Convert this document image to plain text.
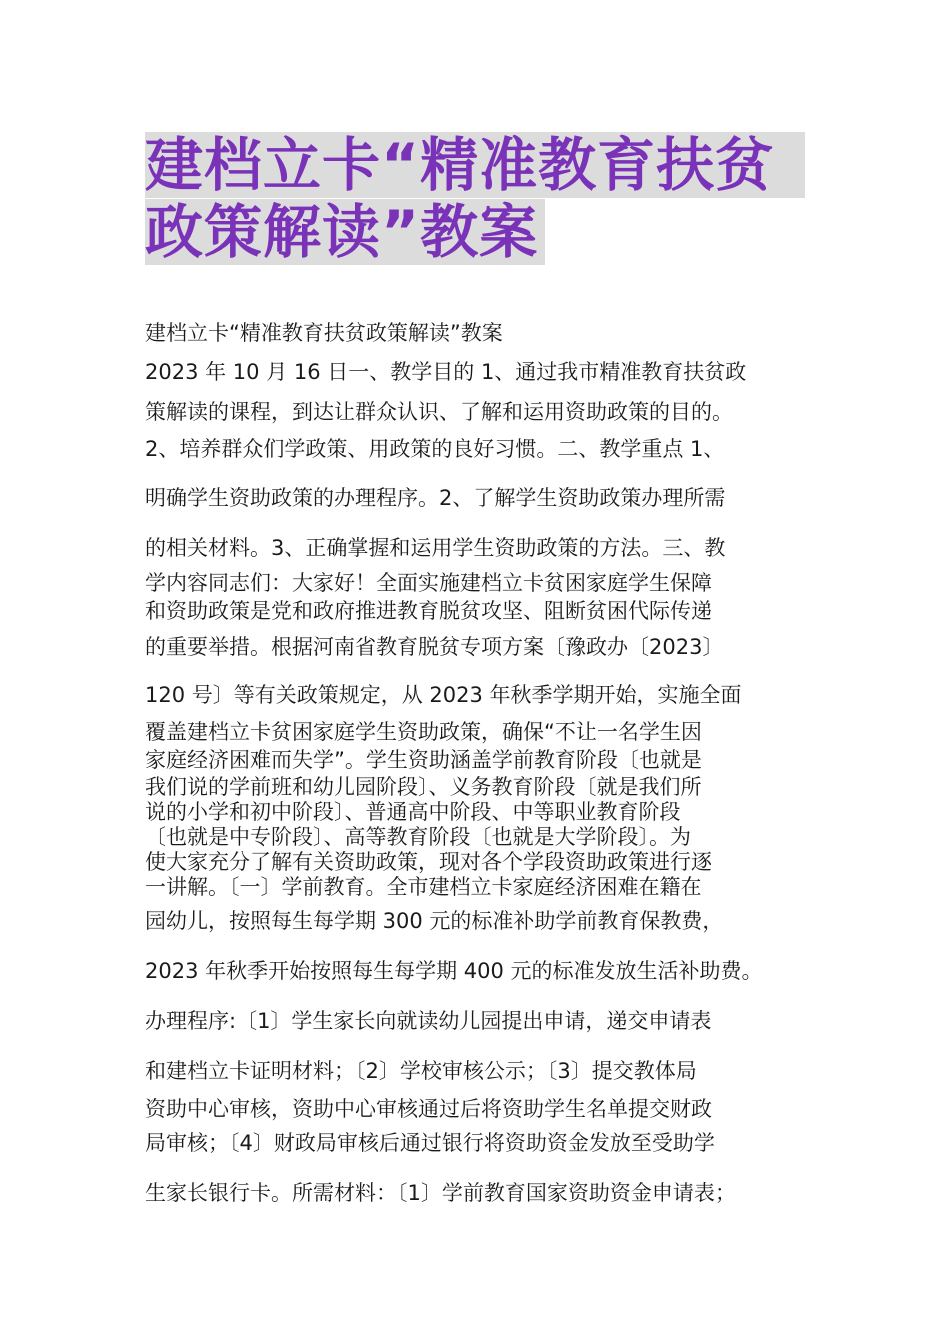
建档立卡“精准教育扶贫
政策解读”教案
建档立卡“精准教育扶贫政策解读”教案
2023 年 10 月 16 日一、教学目的 1、通过我市精准教育扶贫政
策解读的课程，到达让群众认识、了解和运用资助政策的目的。
2、培养群众们学政策、用政策的良好习惯。二、教学重点 1、
明确学生资助政策的办理程序。2、了解学生资助政策办理所需
的相关材料。3、正确掌握和运用学生资助政策的方法。三、教
学内容同志们：大家好！全面实施建档立卡贫困家庭学生保障
和资助政策是党和政府推进教育脱贫攻坚、阻断贫困代际传递
的重要举措。根据河南省教育脱贫专项方案〔豫政办〔2023〕
120 号〕等有关政策规定，从 2023 年秋季学期开始，实施全面
覆盖建档立卡贫困家庭学生资助政策，确保“不让一名学生因
家庭经济困难而失学”。学生资助涵盖学前教育阶段〔也就是
我们说的学前班和幼儿园阶段〕、义务教育阶段〔就是我们所
说的小学和初中阶段〕、普通高中阶段、中等职业教育阶段
〔也就是中专阶段〕、高等教育阶段〔也就是大学阶段〕。为
使大家充分了解有关资助政策，现对各个学段资助政策进行逐
一讲解。〔一〕学前教育。全市建档立卡家庭经济困难在籍在
园幼儿，按照每生每学期 300 元的标准补助学前教育保教费，
2023 年秋季开始按照每生每学期 400 元的标准发放生活补助费。
办理程序:〔1〕学生家长向就读幼儿园提出申请，递交申请表
和建档立卡证明材料；〔2〕学校审核公示；〔3〕提交教体局
资助中心审核，资助中心审核通过后将资助学生名单提交财政
局审核；〔4〕财政局审核后通过银行将资助资金发放至受助学
生家长银行卡。所需材料：〔1〕学前教育国家资助资金申请表；
